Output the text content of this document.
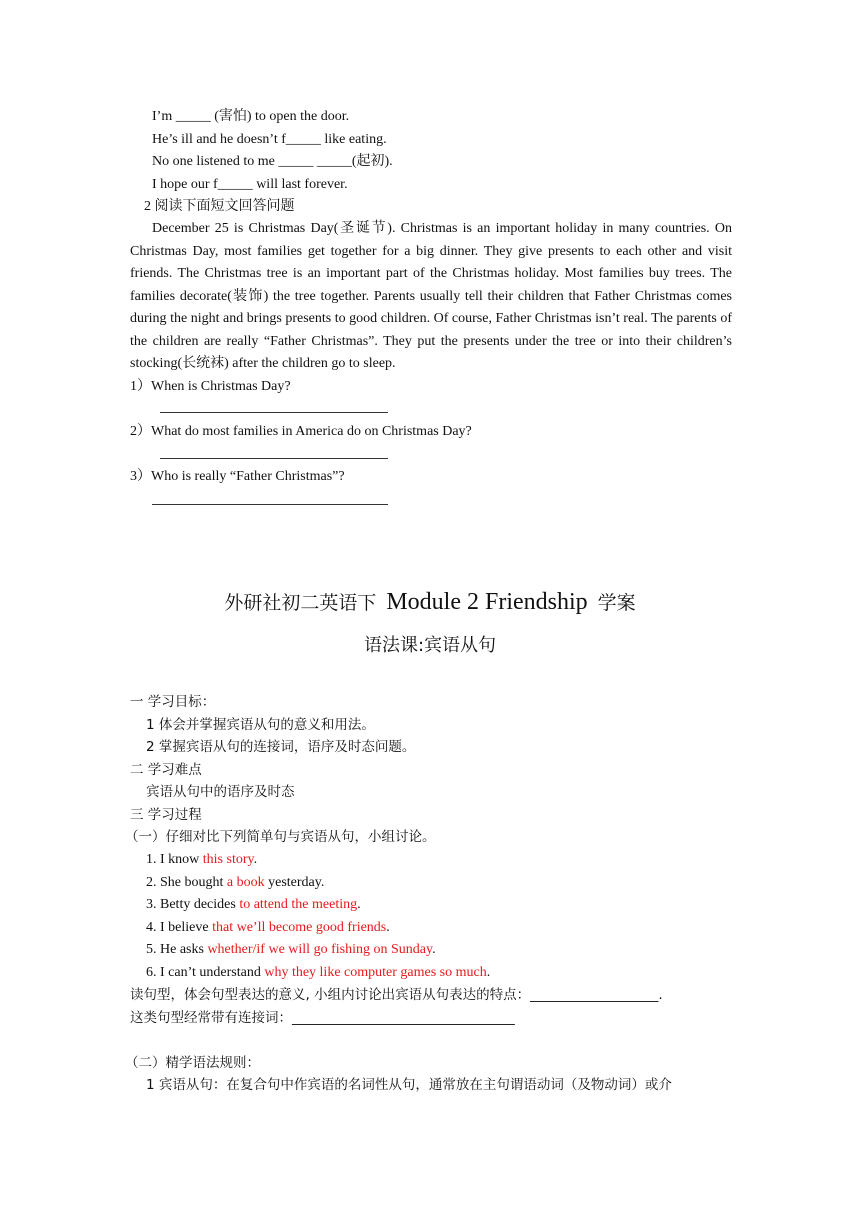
I’m _____ (害怕) to open the door.
He’s ill and he doesn’t f_____ like eating.
No one listened to me _____ _____(起初).
I hope our f_____ will last forever.
2 阅读下面短文回答问题
December 25 is Christmas Day(圣诞节). Christmas is an important holiday in many countries. On Christmas Day, most families get together for a big dinner. They give presents to each other and visit friends. The Christmas tree is an important part of the Christmas holiday. Most families buy trees. The families decorate(装饰) the tree together. Parents usually tell their children that Father Christmas comes during the night and brings presents to good children. Of course, Father Christmas isn’t real. The parents of the children are really “Father Christmas”. They put the presents under the tree or into their children’s stocking(长统袜) after the children go to sleep.
1）When is Christmas Day?
2）What do most families in America do on Christmas Day?
3）Who is really “Father Christmas”?
外研社初二英语下 Module 2 Friendship 学案
语法课:宾语从句
一 学习目标：
1 体会并掌握宾语从句的意义和用法。
2 掌握宾语从句的连接词，语序及时态问题。
二 学习难点
宾语从句中的语序及时态
三 学习过程
（一）仔细对比下列简单句与宾语从句，小组讨论。
1. I know this story.
2. She bought a book yesterday.
3. Betty decides to attend the meeting.
4. I believe that we’ll become good friends.
5. He asks whether/if we will go fishing on Sunday.
6. I can’t understand why they like computer games so much.
读句型，体会句型表达的意义, 小组内讨论出宾语从句表达的特点：___________________.
这类句型经常带有连接词：_________________________________
（二）精学语法规则：
1 宾语从句：在复合句中作宾语的名词性从句，通常放在主句谓语动词（及物动词）或介
